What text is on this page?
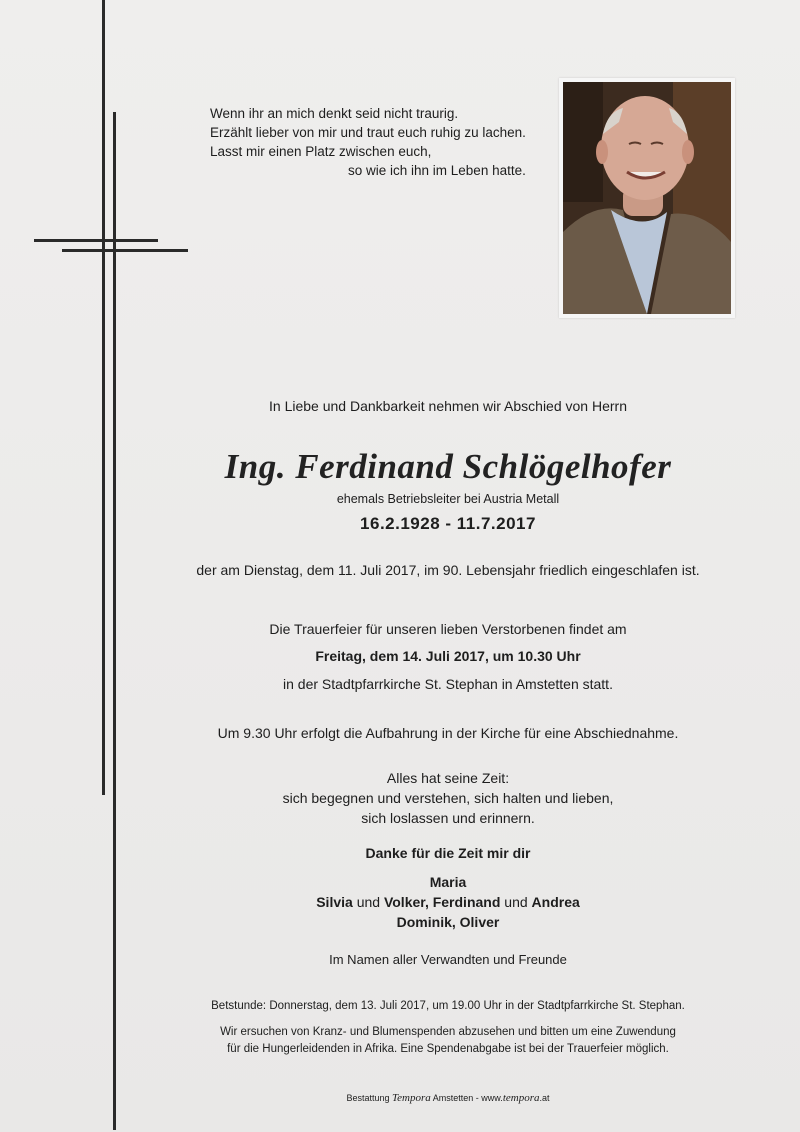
Wenn ihr an mich denkt seid nicht traurig.
Erzählt lieber von mir und traut euch ruhig zu lachen.
Lasst mir einen Platz zwischen euch,
so wie ich ihn im Leben hatte.
In Liebe und Dankbarkeit nehmen wir Abschied von Herrn
Ing. Ferdinand Schlögelhofer
ehemals Betriebsleiter bei Austria Metall
16.2.1928 - 11.7.2017
der am Dienstag, dem 11. Juli 2017, im 90. Lebensjahr friedlich eingeschlafen ist.
Die Trauerfeier für unseren lieben Verstorbenen findet am
Freitag, dem 14. Juli 2017, um 10.30 Uhr
in der Stadtpfarrkirche St. Stephan in Amstetten statt.
Um 9.30 Uhr erfolgt die Aufbahrung in der Kirche für eine Abschiednahme.
Alles hat seine Zeit:
sich begegnen und verstehen, sich halten und lieben,
sich loslassen und erinnern.
Danke für die Zeit mir dir
Maria
Silvia und Volker, Ferdinand und Andrea
Dominik, Oliver
Im Namen aller Verwandten und Freunde
Betstunde: Donnerstag, dem 13. Juli 2017, um 19.00 Uhr in der Stadtpfarrkirche St. Stephan.
Wir ersuchen von Kranz- und Blumenspenden abzusehen und bitten um eine Zuwendung
für die Hungerleidenden in Afrika. Eine Spendenabgabe ist bei der Trauerfeier möglich.
Bestattung Tempora Amstetten - www.tempora.at
